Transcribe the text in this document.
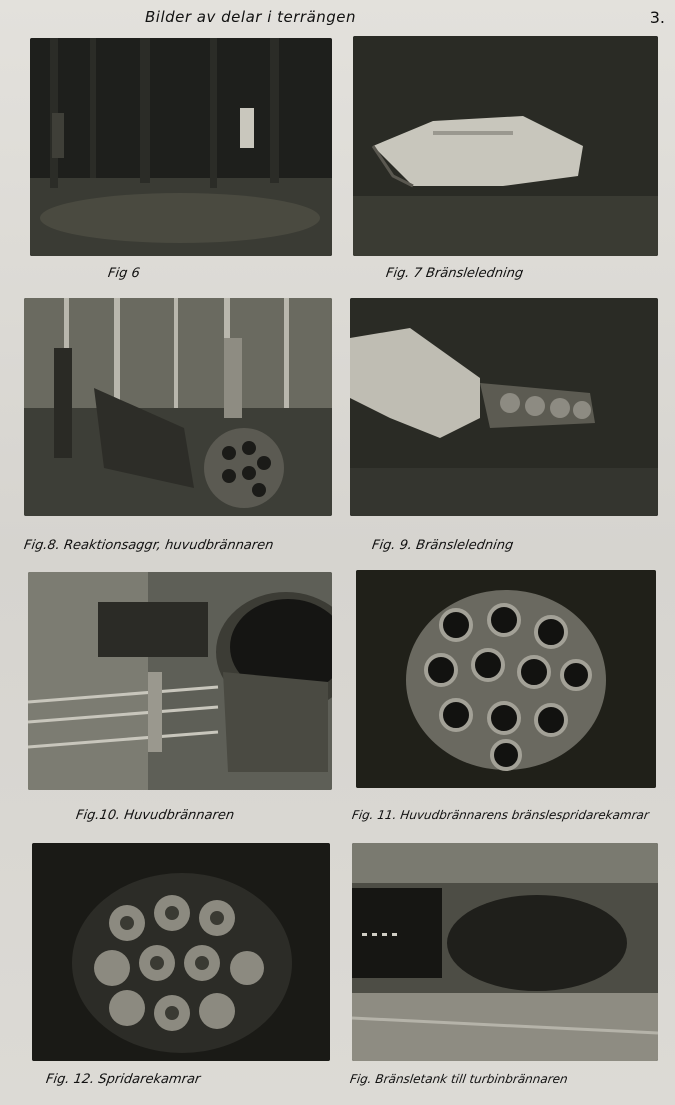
Bilder av delar i terrängen	3.
Fig 6	Fig. 7 Bränsleledning
Fig.8. Reaktionsaggr, huvudbrännaren	Fig. 9. Bränsleledning
Fig.10. Huvudbrännaren	Fig. 11. Huvudbrännarens bränslespridarekamrar
Fig. 12. Spridarekamrar	Fig. Bränsletank till turbinbrännaren
